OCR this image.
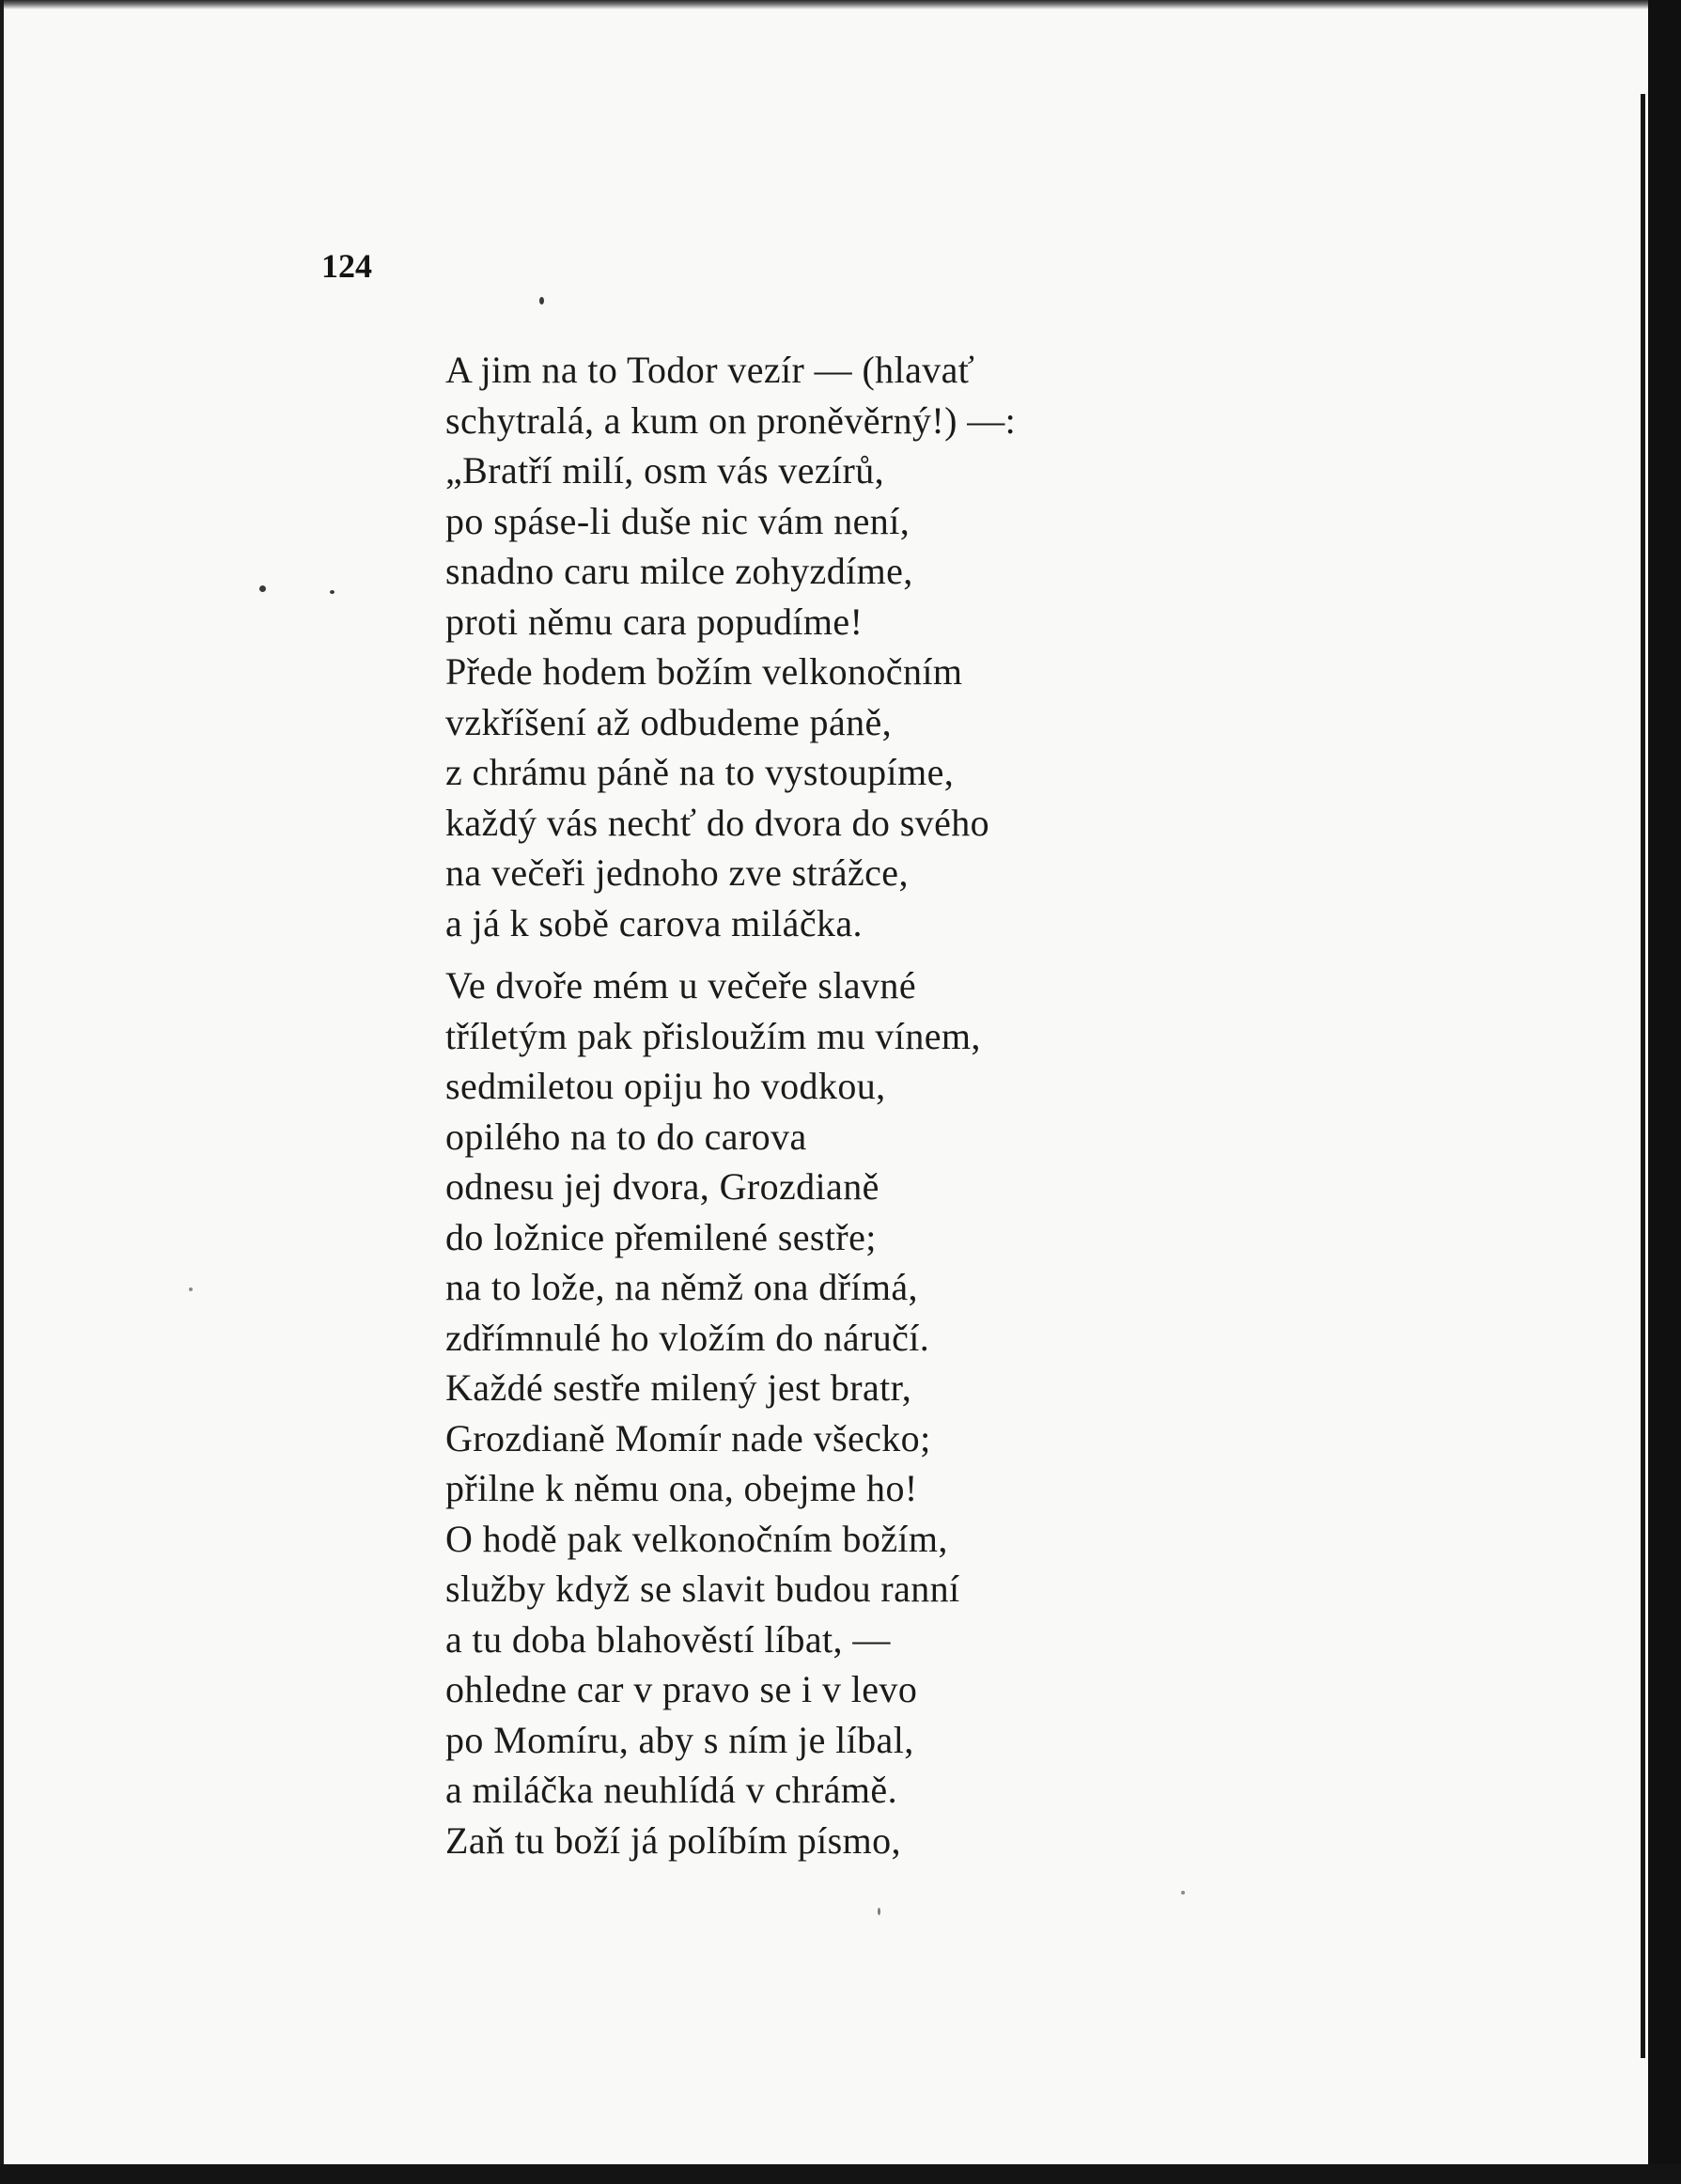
124
A jim na to Todor vezír — (hlavať
schytralá, a kum on proněvěrný!) —:
„Bratří milí, osm vás vezírů,
po spáse-li duše nic vám není,
snadno caru milce zohyzdíme,
proti němu cara popudíme!
Přede hodem božím velkonočním
vzkříšení až odbudeme páně,
z chrámu páně na to vystoupíme,
každý vás nechť do dvora do svého
na večeři jednoho zve strážce,
a já k sobě carova miláčka.
Ve dvoře mém u večeře slavné
tříletým pak přisloužím mu vínem,
sedmiletou opiju ho vodkou,
opilého na to do carova
odnesu jej dvora, Grozdianě
do ložnice přemilené sestře;
na to lože, na němž ona dřímá,
zdřímnulé ho vložím do náručí.
Každé sestře milený jest bratr,
Grozdianě Momír nade všecko;
přilne k němu ona, obejme ho!
O hodě pak velkonočním božím,
služby když se slavit budou ranní
a tu doba blahověstí líbat, —
ohledne car v pravo se i v levo
po Momíru, aby s ním je líbal,
a miláčka neuhlídá v chrámě.
Zaň tu boží já políbím písmo,
